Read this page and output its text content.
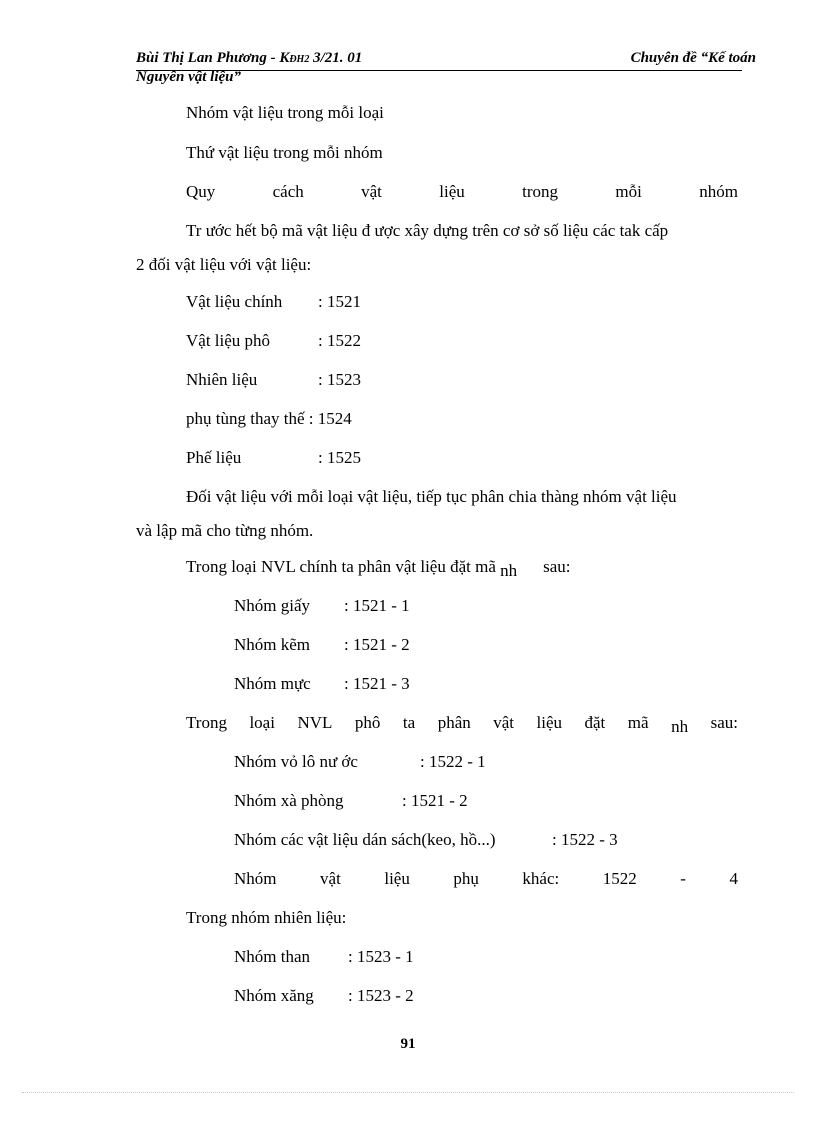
Bùi Thị Lan Phương - KĐH2 3/21. 01	Chuyên đề “Kế toán
Nguyên vật liệu”
Nhóm vật liệu trong mỗi loại
Thứ vật liệu trong mỗi nhóm
Quy	cách	vật	liệu	trong	mỗi	nhóm
Tr ước hết bộ mã vật liệu đ ược xây dựng trên cơ sở số liệu các tak cấp
2 đối vật liệu với vật liệu:
Vật liệu chính : 1521
Vật liệu phô	: 1522
Nhiên liệu	: 1523
phụ tùng thay thế : 1524
Phế liệu	: 1525
Đối vật liệu với mỗi loại vật liệu, tiếp tục phân chia thàng nhóm vật liệu
và lập mã cho từng nhóm.
Trong loại NVL chính ta phân vật liệu đặt mã nh sau:
Nhóm giấy : 1521 - 1
Nhóm kẽm : 1521 - 2
Nhóm mực : 1521 - 3
Trong loại NVL phô ta phân vật liệu đặt mã nh sau:
Nhóm vỏ lô nư ớc	: 1522 - 1
Nhóm xà phòng	: 1521 - 2
Nhóm các vật liệu dán sách(keo, hồ...)	: 1522 - 3
Nhóm	vật	liệu	phụ	khác:	1522	-	4
Trong nhóm nhiên liệu:
Nhóm than : 1523 - 1
Nhóm xăng : 1523 - 2
91
